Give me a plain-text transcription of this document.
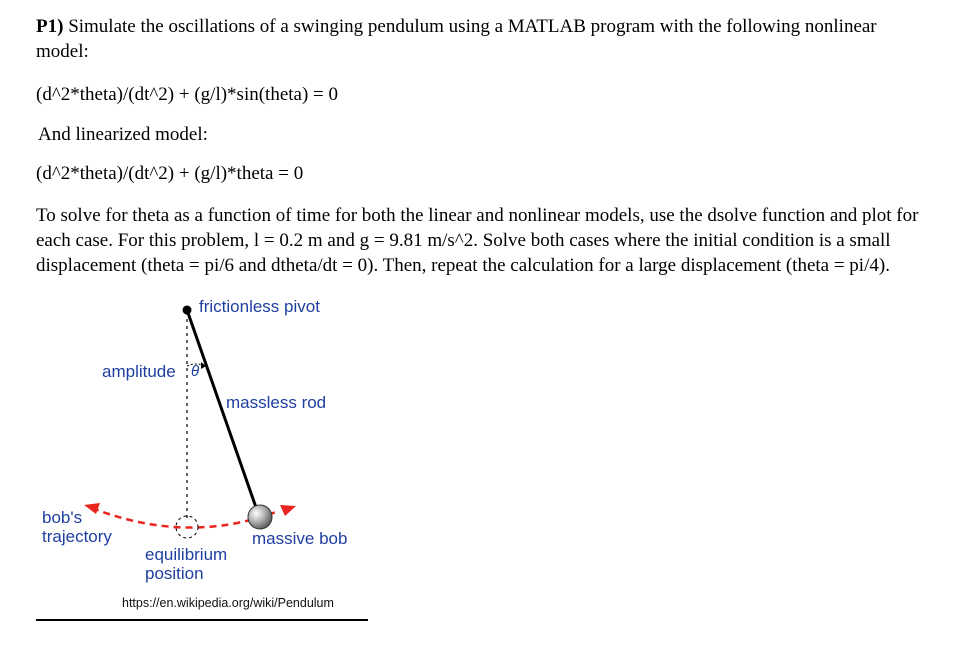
P1) Simulate the oscillations of a swinging pendulum using a MATLAB program with the following nonlinear

model:

(d^2*theta)/(dt^2) + (g/l)*sin(theta) = 0

And linearized model:

(d^2*theta)/(dt^2) + (g/l)*theta = 0

To solve for theta as a function of time for both the linear and nonlinear models, use the dsolve function and plot for

each case. For this problem, l = 0.2 m and g = 9.81 m/s^2. Solve both cases where the initial condition is a small

displacement (theta = pi/6 and dtheta/dt = 0). Then, repeat the calculation for a large displacement (theta = pi/4).

frictionless pivot
amplitude θ
massless rod
bob's
trajectory	massive bob
equilibrium
position
https://en.wikipedia.org/wiki/Pendulum
